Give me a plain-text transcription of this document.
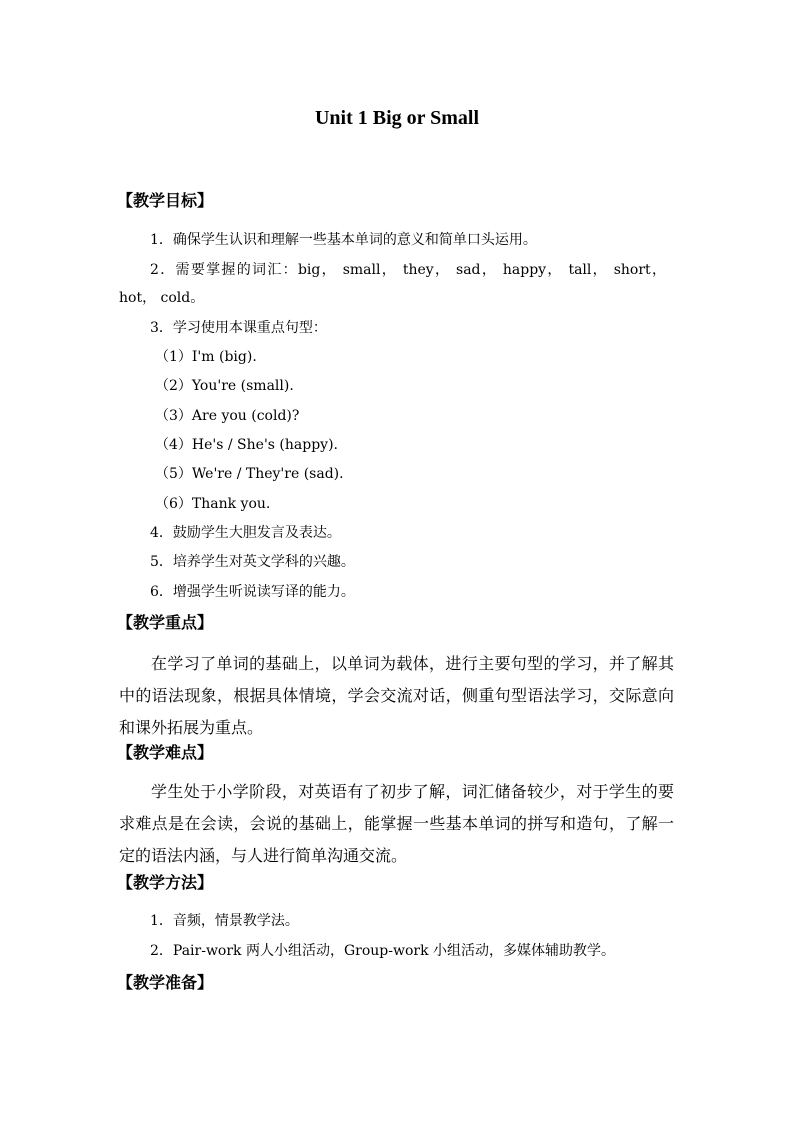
Unit 1 Big or Small
【教学目标】
1．确保学生认识和理解一些基本单词的意义和简单口头运用。
2．需要掌握的词汇：big， small， they， sad， happy， tall， short， hot， cold。
3．学习使用本课重点句型：
（1）I'm (big).
（2）You're (small).
（3）Are you (cold)?
（4）He's / She's (happy).
（5）We're / They're (sad).
（6）Thank you.
4．鼓励学生大胆发言及表达。
5．培养学生对英文学科的兴趣。
6．增强学生听说读写译的能力。
【教学重点】
在学习了单词的基础上，以单词为载体，进行主要句型的学习，并了解其中的语法现象，根据具体情境，学会交流对话，侧重句型语法学习，交际意向和课外拓展为重点。
【教学难点】
学生处于小学阶段，对英语有了初步了解，词汇储备较少，对于学生的要求难点是在会读，会说的基础上，能掌握一些基本单词的拼写和造句，了解一定的语法内涵，与人进行简单沟通交流。
【教学方法】
1．音频，情景教学法。
2．Pair-work 两人小组活动，Group-work 小组活动，多媒体辅助教学。
【教学准备】
